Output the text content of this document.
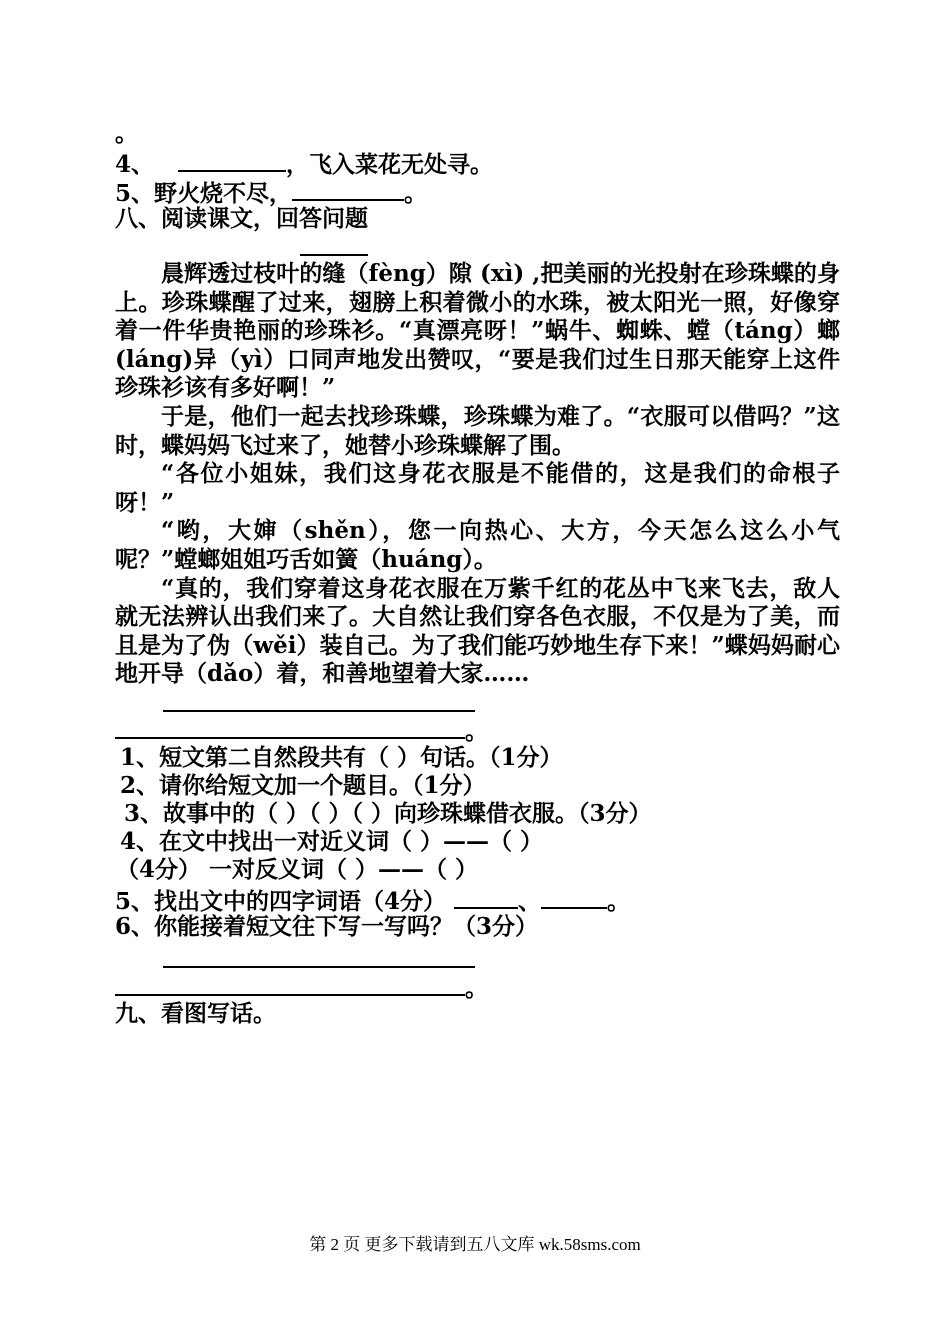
。
4、	，飞入菜花无处寻。
5、野火烧不尽，	。
八、阅读课文，回答问题

晨辉透过枝叶的缝（fèng）隙 (xì) ,把美丽的光投射在珍珠蝶的身上。珍珠蝶醒了过来，翅膀上积着微小的水珠，被太阳光一照，好像穿着一件华贵艳丽的珍珠衫。“真漂亮呀！”蜗牛、蜘蛛、螳（táng）螂(láng)异（yì）口同声地发出赞叹，“要是我们过生日那天能穿上这件珍珠衫该有多好啊！”

于是，他们一起去找珍珠蝶，珍珠蝶为难了。“衣服可以借吗？”这时，蝶妈妈飞过来了，她替小珍珠蝶解了围。

“各位小姐妹，我们这身花衣服是不能借的，这是我们的命根子呀！”

“哟，大婶（shěn），您一向热心、大方，今天怎么这么小气呢？”螳螂姐姐巧舌如簧（huáng）。

“真的，我们穿着这身花衣服在万紫千红的花丛中飞来飞去，敌人就无法辨认出我们来了。大自然让我们穿各色衣服，不仅是为了美，而且是为了伪（wěi）装自己。为了我们能巧妙地生存下来！”蝶妈妈耐心地开导（dǎo）着，和善地望着大家……

。
1、短文第二自然段共有（ ）句话。（1分）
2、请你给短文加一个题目。（1分）
3、故事中的（ ）（ ）（ ）向珍珠蝶借衣服。（3分）
4、在文中找出一对近义词（ ）——（ ）
（4分） 一对反义词（ ）——（ ）
5、找出文中的四字词语（4分）	、	。
6、你能接着短文往下写一写吗？（3分）
。
九、看图写话。
第 2 页 更多下载请到五八文库 wk.58sms.com
